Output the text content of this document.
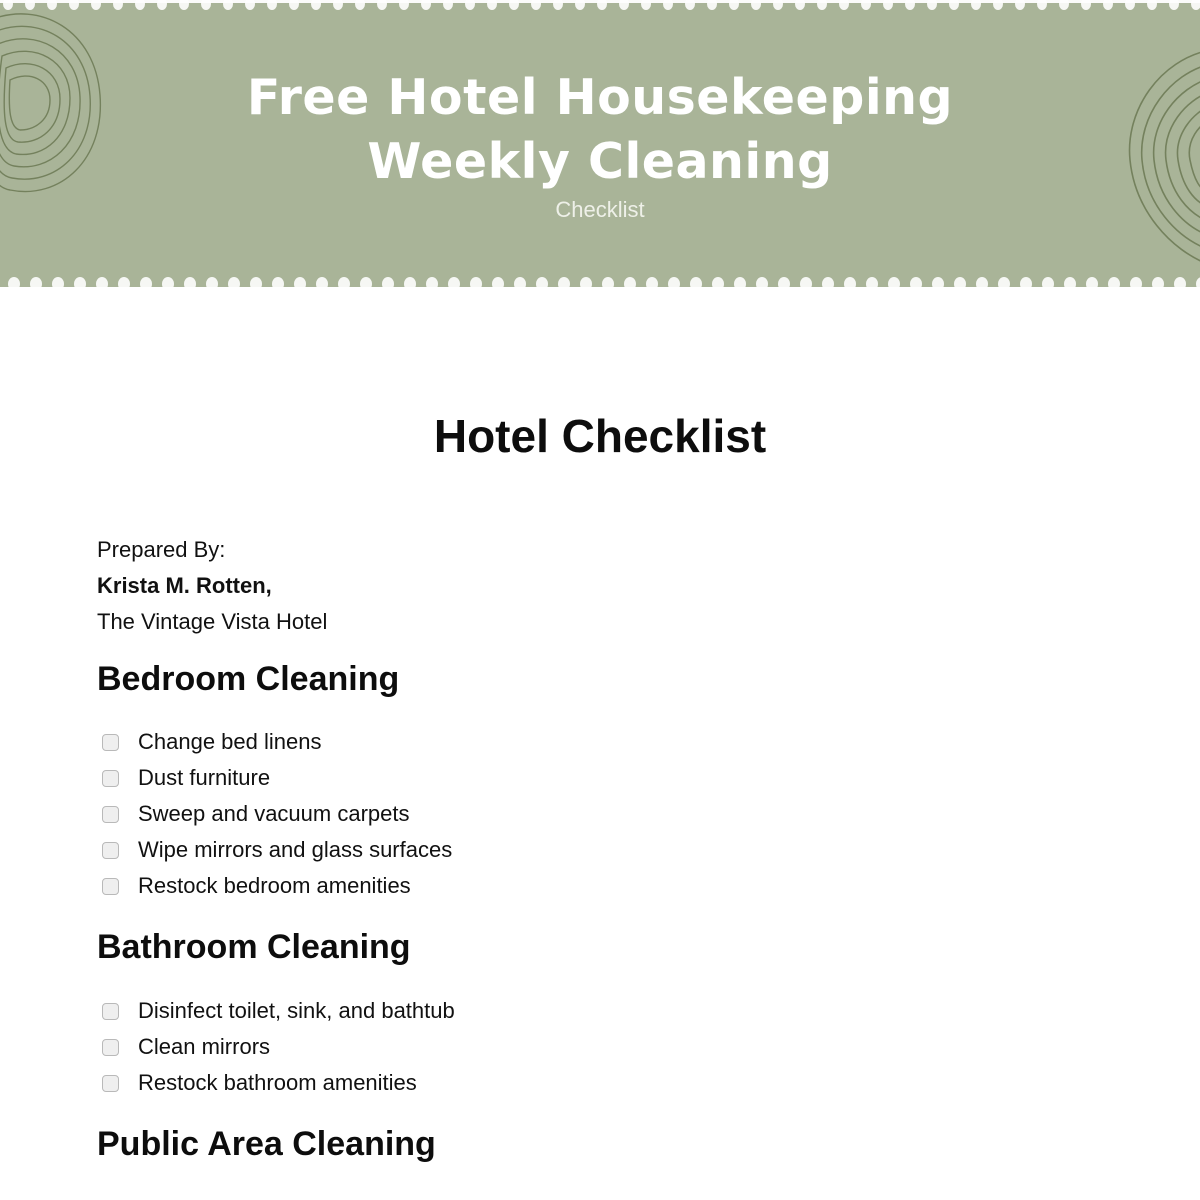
Free Hotel Housekeeping
Weekly Cleaning
Checklist
Hotel Checklist
Prepared By:
Krista M. Rotten,
The Vintage Vista Hotel
Bedroom Cleaning
Change bed linens
Dust furniture
Sweep and vacuum carpets
Wipe mirrors and glass surfaces
Restock bedroom amenities
Bathroom Cleaning
Disinfect toilet, sink, and bathtub
Clean mirrors
Restock bathroom amenities
Public Area Cleaning
